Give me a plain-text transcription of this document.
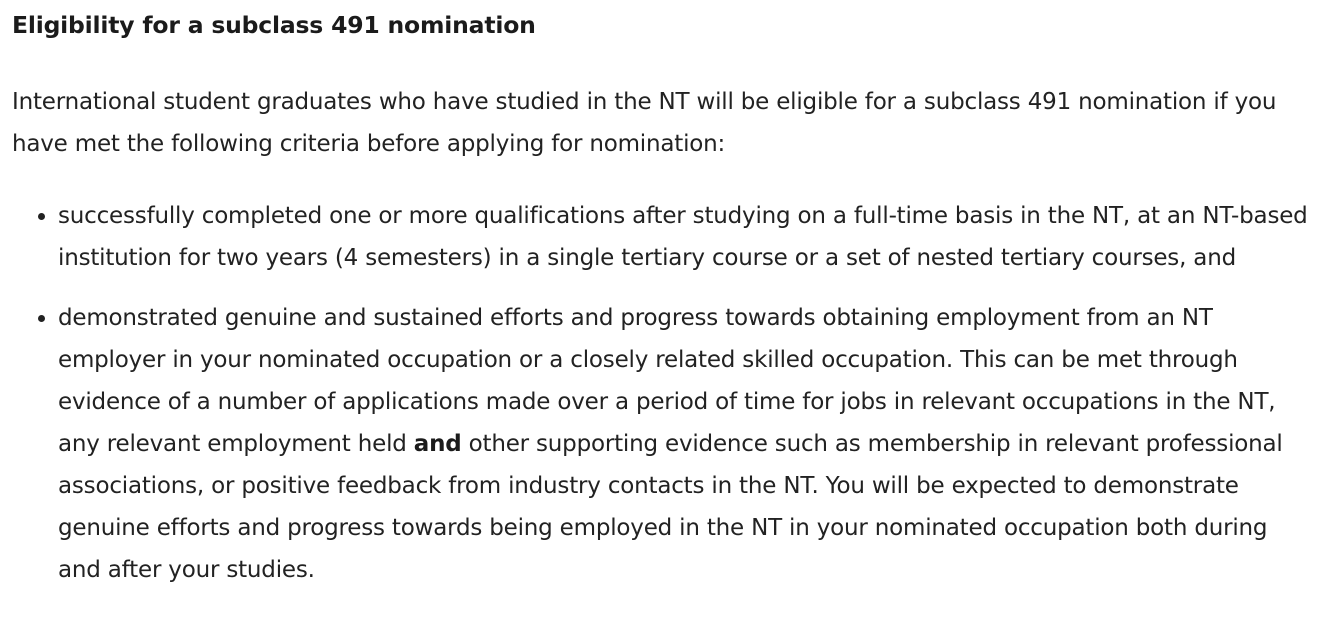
Eligibility for a subclass 491 nomination

International student graduates who have studied in the NT will be eligible for a subclass 491 nomination if you have met the following criteria before applying for nomination:

• successfully completed one or more qualifications after studying on a full-time basis in the NT, at an NT-based institution for two years (4 semesters) in a single tertiary course or a set of nested tertiary courses, and
• demonstrated genuine and sustained efforts and progress towards obtaining employment from an NT employer in your nominated occupation or a closely related skilled occupation. This can be met through evidence of a number of applications made over a period of time for jobs in relevant occupations in the NT, any relevant employment held and other supporting evidence such as membership in relevant professional associations, or positive feedback from industry contacts in the NT. You will be expected to demonstrate genuine efforts and progress towards being employed in the NT in your nominated occupation both during and after your studies.
